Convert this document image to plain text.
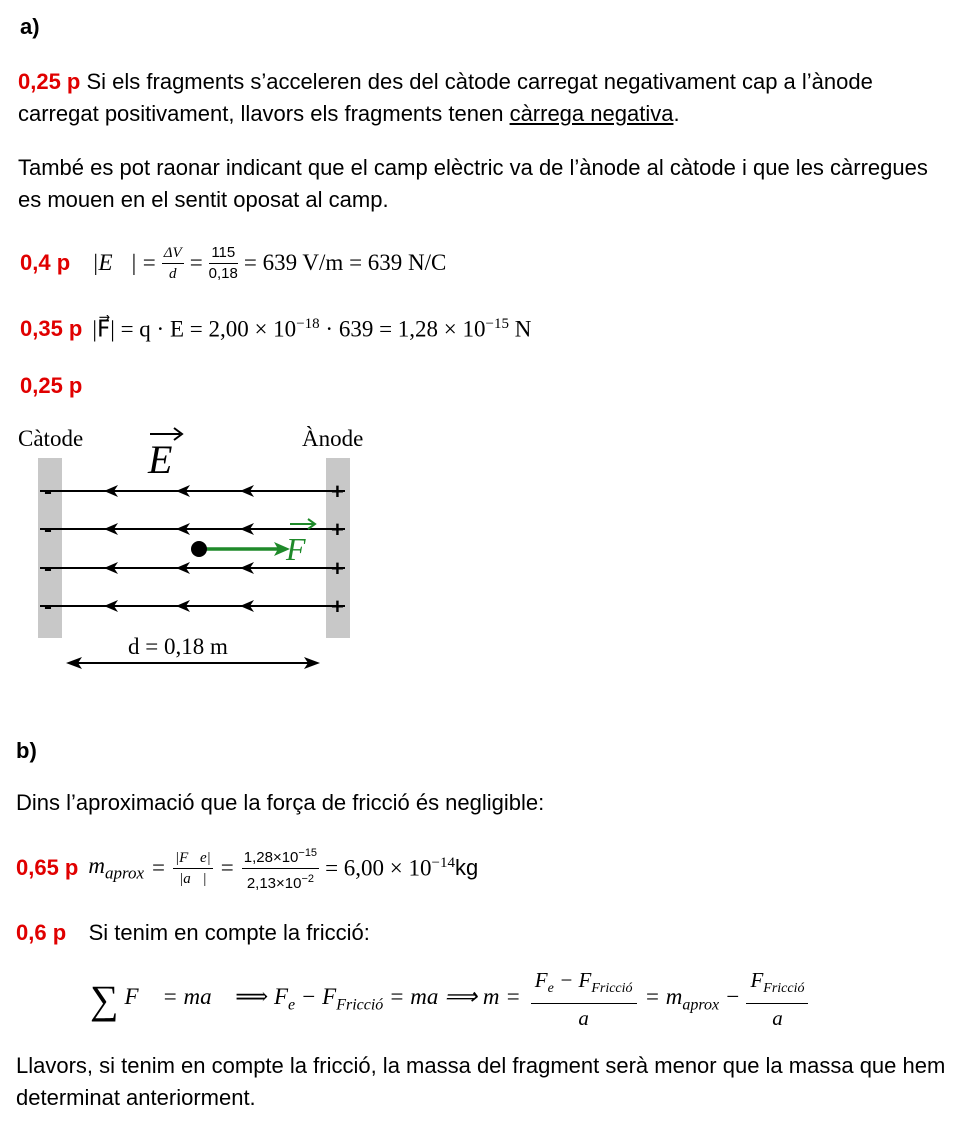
a)
0,25 p Si els fragments s’acceleren des del càtode carregat negativament cap a l’ànode carregat positivament, llavors els fragments tenen càrrega negativa.
També es pot raonar indicant que el camp elèctric va de l’ànode al càtode i que les càrregues es mouen en el sentit oposat al camp.
0,4 p |E⃗| = $\frac{\Delta V}{d} = \frac{115}{0,18} = 639$ V/m = 639 N/C
0,35 p |F⃗| = $q \cdot E = 2,00 \times 10^{-18} \cdot 639 = 1,28 \times 10^{-15}$ N
0,25 p
Càtode	Ànode
E
-
-
-
-
+
+
+
+
F
d = 0,18 m
b)
Dins l’aproximació que la força de fricció és negligible:
0,65 p $m_{aprox} = \frac{|F⃗e|}{|a⃗|} = \frac{1,28\times 10^{-15}}{2,13\times 10^{-2}} = 6,00 \times 10^{-14}$ kg
0,6 p Si tenim en compte la fricció:
∑ F⃗ = ma⃗ ⟹ $F_e - F_{Fricció}$ = ma ⟹ $m = \frac{F_e - F_{Fricció}}{a} = m_{aprox} - \frac{F_{Fricció}}{a}$
Llavors, si tenim en compte la fricció, la massa del fragment serà menor que la massa que hem determinat anteriorment.
